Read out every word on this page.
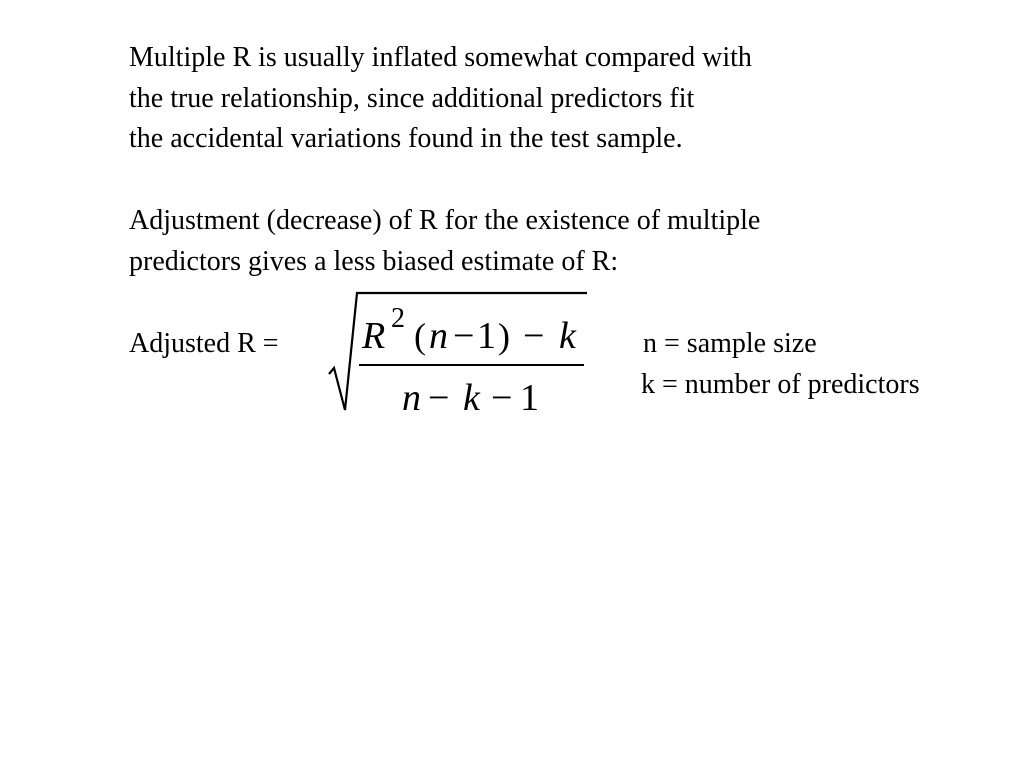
Multiple R is usually inflated somewhat compared with
the true relationship, since additional predictors fit
the accidental variations found in the test sample.
Adjustment (decrease) of R for the existence of multiple
predictors gives a less biased estimate of R:
Adjusted R = R 2 ( n − 1 ) − k
n − k − 1
n = sample size
k = number of predictors
